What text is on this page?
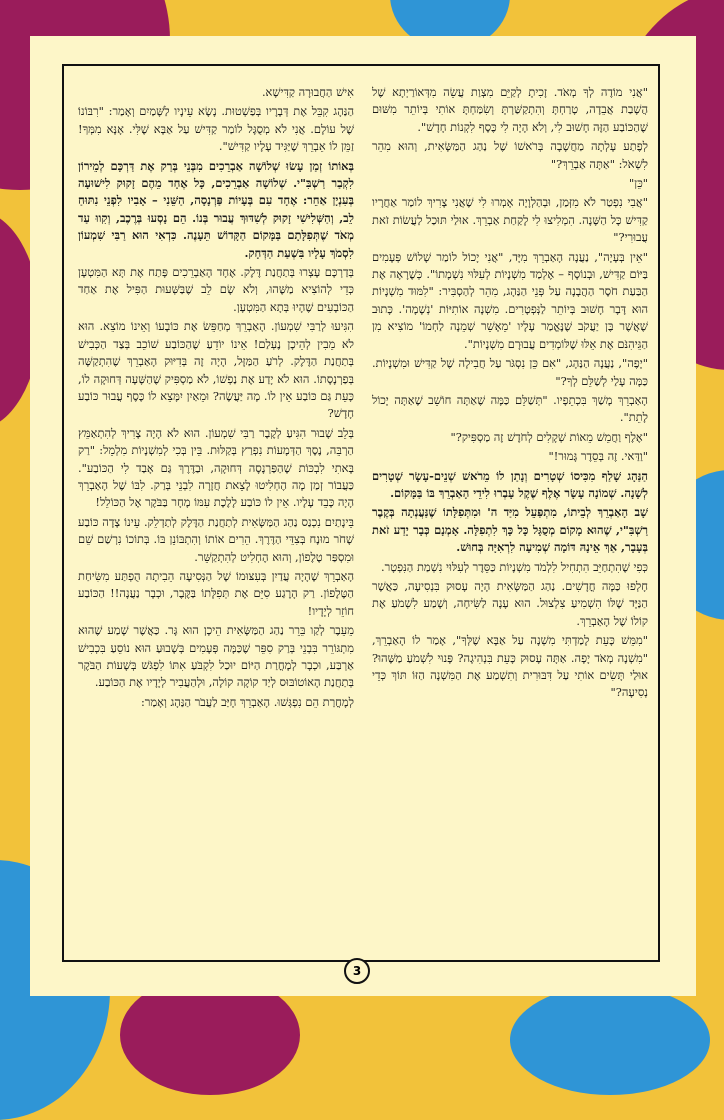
אִישׁ הַחֲבוּרָה קַדִּישָׁא.

הַנַּהָג קִבֵּל אֶת דְּבָרָיו בְּפַשְׁטוּת. נָשָׂא עֵינָיו לַשָּׁמַיִם וְאָמַר: "רִבּוֹנוֹ שֶׁל עוֹלָם. אֲנִי לֹא מְסֻגָּל לוֹמַר קַדִּישׁ עַל אַבָּא שֶׁלִּי. אָנָּא מִמְּךָ! זַמֵּן לוֹ אֵבְרֵךְ שֶׁיַּגִּיד עָלָיו קַדִּישׁ".

בְּאוֹתוֹ זְמַן עָשׂוּ שְׁלוֹשָׁה אַבְרֵכִים מִבְּנֵי בְּרַק אֶת דַּרְכָּם לְמֵירוֹן לִקְבַר רַשְׁבִּ"י. שְׁלוֹשָׁה אַבְרֵכִים, כָּל אֶחָד מֵהֶם זָקוּק לִישׁוּעָה בְּעִנְיָן אַחֵר: אֶחָד עִם בְּעָיוֹת פַּרְנָסָה, הַשֵּׁנִי – אָבִיו לִפְנֵי נִתּוּחַ לֵב, וְהַשְּׁלִישִׁי זָקוּק לְשִׁדּוּךְ עֲבוּר בְּנוֹ. הֵם נָסְעוּ בְּרֶכֶב, וְקִווּ עַד מְאֹד שֶׁתְּפִלָּתָם בַּמָּקוֹם הַקָּדוֹשׁ תֵּעָנֶה. כִּדְאִי הוּא רַבִּי שִׁמְעוֹן לִסְמֹךְ עָלָיו בִּשְׁעַת הַדְּחָק.

בְּדַרְכָּם עָצְרוּ בְּתַחֲנַת דֶּלֶק. אֶחָד הָאַבְרֵכִים פָּתַח אֶת תָּא הַמִּטְעָן כְּדֵי לְהוֹצִיא מַשֶּׁהוּ, וְלֹא שָׂם לֵב שֶׁבַּשְּׁעוּת הַפִּיל אֶת אַחַד הַכּוֹבָעִים שֶׁהָיוּ בְּתָא הַמִּטְעָן.

הִגִּיעוּ לְרַבִּי שִׁמְעוֹן. הָאַבְרֵךְ מְחַפֵּשׂ אֶת כּוֹבָעוֹ וְאֵינוֹ מוֹצֵא. הוּא לֹא מֵבִין לְהֵיכָן נֶעְלַם! אֵינוֹ יוֹדֵעַ שֶׁהַכּוֹבַע שׁוֹכֵב בְּצַד הַכְּבִישׁ בְּתַחֲנַת הַדֶּלֶק. לְרֹעַ הַמַּזָּל, הָיָה זֶה בְּדִיּוּק הָאַבְרֵךְ שֶׁהִתְקַשָּׁה בְּפַרְנָסָתוֹ. הוּא לֹא יָדַע אֶת נַפְשׁוֹ, לֹא מַסְפִּיק שֶׁהַשָּׁעָה דְּחוּקָה לוֹ, כָּעֵת גַּם כּוֹבַע אֵין לוֹ. מָה יַּעֲשֶׂה? וּמֵאַיִן יִמָּצֵא לוֹ כֶּסֶף עֲבוּר כּוֹבַע חָדָשׁ?

בְּלֵב שָׁבוּר הִגִּיעַ לְקֶבֶר רַבִּי שִׁמְעוֹן. הוּא לֹא הָיָה צָרִיךְ לְהִתְאַמֵּץ הַרְבֵּה, נֶסֶךְ הַדְּמָעוֹת נִפְרַץ בְּקַלּוּת. בֵּין בְּכִי לְמִשְׁנָיוֹת מִלְמֵל: "רַק בָּאתִי לִבְכּוֹת שֶׁהַפַּרְנָסָה דְּחוּקָה, וּבַדֶּרֶךְ גַּם אָבַד לִי הַכּוֹבַע". כַּעֲבוֹר זְמַן מָה הֶחְלִיטוּ לָצֵאת חֲזָרָה לִבְנֵי בְּרַק. לִבּוֹ שֶׁל הָאַבְרֵךְ הָיָה כָּבֵד עָלָיו. אֵין לוֹ כּוֹבַע לָלֶכֶת עִמּוֹ מָחָר בַּבֹּקֶר אֶל הַכּוֹלֵל!

בֵּינָתַיִם נִכְנַס נַהַג הַמַּשָּׂאִית לְתַחֲנַת הַדֶּלֶק לְתַדְלֵק. עֵינוֹ צָדָה כּוֹבַע שָׁחֹר מוּנָח בְּצִדֵּי הַדֶּרֶךְ. הֵרִים אוֹתוֹ וְהִתְבּוֹנֵן בּוֹ. בְּתוֹכוֹ נִרְשַׁם שֵׁם וּמִסְפַּר טֶלֶפוֹן, וְהוּא הֶחְלִיט לְהִתְקַשֵּׁר.

הָאַבְרֵךְ שֶׁהָיָה עֲדַיִן בְּעִצּוּמוֹ שֶׁל הַנְּסִיעָה הֵבִיתָה הֻפְתַּע מִשִּׂיחַת הַטֶּלֶפוֹן. רַק הָרֶגַע סִיֵּם אֶת תְּפִלָּתוֹ בַּקֶּבֶר, וּכְבָר נַעֲנָה!! הַכּוֹבַע חוֹזֵר לְיָדָיו!

מֵעֵבֶר לְקַו בֵּרֵר נַהַג הַמַּשָּׂאִית הֵיכָן הוּא גָּר. כַּאֲשֶׁר שָׁמַע שֶׁהוּא מִתְגּוֹרֵר בִּבְנֵי בְּרַק סִפֵּר שֶׁכַּמָּה פְּעָמִים בְּשָׁבוּעַ הוּא נוֹסֵעַ בִּכְבִישׁ אַרְבַּע, וּכְבָר לְמָחֳרַת הַיּוֹם יוּכַל לִקְבֹּעַ אִתּוֹ לִפְגֹּשׁ בְּשָׁעוֹת הַבֹּקֶר בְּתַחֲנַת הָאוֹטוֹבּוּס לְיַד קוֹקָה קוֹלָה, וּלְהַעֲבִיר לְיָדָיו אֶת הַכּוֹבַע.

לְמָחֳרַת הֵם נִפְגְּשׁוּ. הָאַבְרֵךְ חָיַּב לַעֲבֹר הַנַּהָג וְאָמַר:

"אֲנִי מוֹדֶה לְךָ מְאֹד. זָכִיתָ לְקַיֵּם מִצְוַת עֲשֵׂה מִדְּאוֹרַיְתָא שֶׁל הֲשָׁבַת אֲבֵדָה, טָרַחְתָּ וְהִתְקַשַּׁרְתָּ וְשִׂמַּחְתָּ אוֹתִי בְּיוֹתֵר מִשּׁוּם שֶׁהַכּוֹבַע הַזֶּה חָשׁוּב לִי, וְלֹא הָיָה לִי כֶּסֶף לִקְנוֹת חָדָשׁ".

לְפֶתַע עָלְתָה מַחֲשָׁבָה בְּרֹאשׁוֹ שֶׁל נַהַג הַמַּשָּׂאִית, וְהוּא מִהֵר לִשְׁאֹל: "אַתָּה אַבְרֵךְ?"

"כֵּן"

"אֲבִי נִפְטַר לֹא מִזְּמַן, וּבְהַלְוָיָה אָמְרוּ לִי שֶׁאֲנִי צָרִיךְ לוֹמַר אַחֲרָיו קַדִּישׁ כָּל הַשָּׁנָה. הִמְלִיצוּ לִי לָקַחַת אַבְרֵךְ. אוּלַי תּוּכַל לַעֲשׂוֹת זֹאת עֲבוּרִי?"

"אֵין בְּעָיָה", נַעֲנָה הָאַבְרֵךְ מִיָּד, "אֲנִי יָכוֹל לוֹמַר שָׁלוֹשׁ פְּעָמִים בַּיּוֹם קַדִּישׁ, וּבְנוֹסָף – אֶלְמַד מִשְׁנָיוֹת לְעִלּוּי נִשְׁמָתוֹ". כְּשֶׁרָאָה אֶת הַבַּעַת חֹסֶר הַהֲבָנָה עַל פְּנֵי הַנַּהָג, מִהֵר לְהַסְבִּיר: "לִמּוּד מִשְׁנָיוֹת הוּא דָּבָר חָשׁוּב בְּיוֹתֵר לַנְּפְטָרִים. מִשְׁנָה אוֹתִיּוֹת 'נְשָׁמָה'. כָּתוּב שֶׁאֲשֶׁר בֶּן יַעֲקֹב שֶׁנֶּאֱמַר עָלָיו 'מֵאָשֵׁר שְׁמֵנָה לַחְמוֹ' מוֹצִיא מִן הַגֵּיהִנֹּם אֶת אֵלּוּ שֶׁלּוֹמְדִים עֲבוּרָם מִשְׁנָיוֹת".

"יָפֶה", נַעֲנָה הַנַּהָג, "אִם כֵּן נִסְגֹּר עַל חֲבִילָה שֶׁל קַדִּישׁ וּמִשְׁנָיוֹת. כַּמָּה עָלַי לְשַׁלֵּם לְךָ?"

הָאַבְרֵךְ מָשַׁךְ בִּכְתֵפָיו. "תְּשַׁלֵּם כַּמָּה שֶׁאַתָּה חוֹשֵׁב שֶׁאַתָּה יָכוֹל לָתֵת".

"אֶלֶף וַחֲמֵשׁ מֵאוֹת שְׁקָלִים לְחֹדֶשׁ זֶה מַסְפִּיק?"

"וַדַּאי. זֶה בְּסֵדֶר גָּמוּר!"

הַנַּהָג שָׁלַף מִכִּיסוֹ שְׁטָרִים וְנָתַן לוֹ מֵרֹאשׁ שְׁנֵים-עָשָׂר שְׁטָרִים לְשָׁנָה. שְׁמוֹנָה עָשָׂר אֶלֶף שֶׁקֶל עָבְרוּ לִידֵי הָאַבְרֵךְ בּוֹ בַּמָּקוֹם.

שָׁב הָאַבְרֵךְ לְבֵיתוֹ, מִתְפַּעֵל מִיַּד ה' וּמִתְּפִלָּתוֹ שֶׁנַּעֲנְתָה בְּקֶבֶר רַשְׁבִּ"י, שֶׁהוּא מָקוֹם מְסֻגָּל כָּל כָּךְ לִתְפִלָּה. אָמְנָם כְּבָר יָדַע זֹאת בְּעָבָר, אַךְ אֵינָהּ דּוֹמָה שְׁמִיעָה לִרְאִיָּה בְּחוּשׁ.

כְּפִי שֶׁהִתְחַיֵּב הִתְחִיל לִלְמֹד מִשְׁנָיוֹת כַּסֵּדֶר לְעִלּוּי נִשְׁמַת הַנִּפְטָר.

חָלְפוּ כַּמָּה חֳדָשִׁים. נַהַג הַמַּשָּׂאִית הָיָה עָסוּק בִּנְסִיעָה, כַּאֲשֶׁר הַנַּיָּד שֶׁלּוֹ הִשְׁמִיעַ צִלְצוּל. הוּא עָנָה לַשִּׂיחָה, וְשָׁמַע לִשְׁמֹעַ אֶת קוֹלוֹ שֶׁל הָאַבְרֵךְ.

"מִמֵּשׁ כָּעֵת לָמַדְתִּי מִשְׁנָה עַל אַבָּא שֶׁלְּךָ", אָמַר לוֹ הָאַבְרֵךְ, "מִשְׁנָה מְאֹד יָפָה. אַתָּה עָסוּק כָּעֵת בִּנְהִיגָה? פָּנוּי לִשְׁמֹעַ מַשֶּׁהוּ? אוּלַי תָּשִׂים אוֹתִי עַל דִּבּוּרִית וְתִשְׁמַע אֶת הַמִּשְׁנָה הַזּוֹ תּוֹךְ כְּדֵי נְסִיעָה?"

3
